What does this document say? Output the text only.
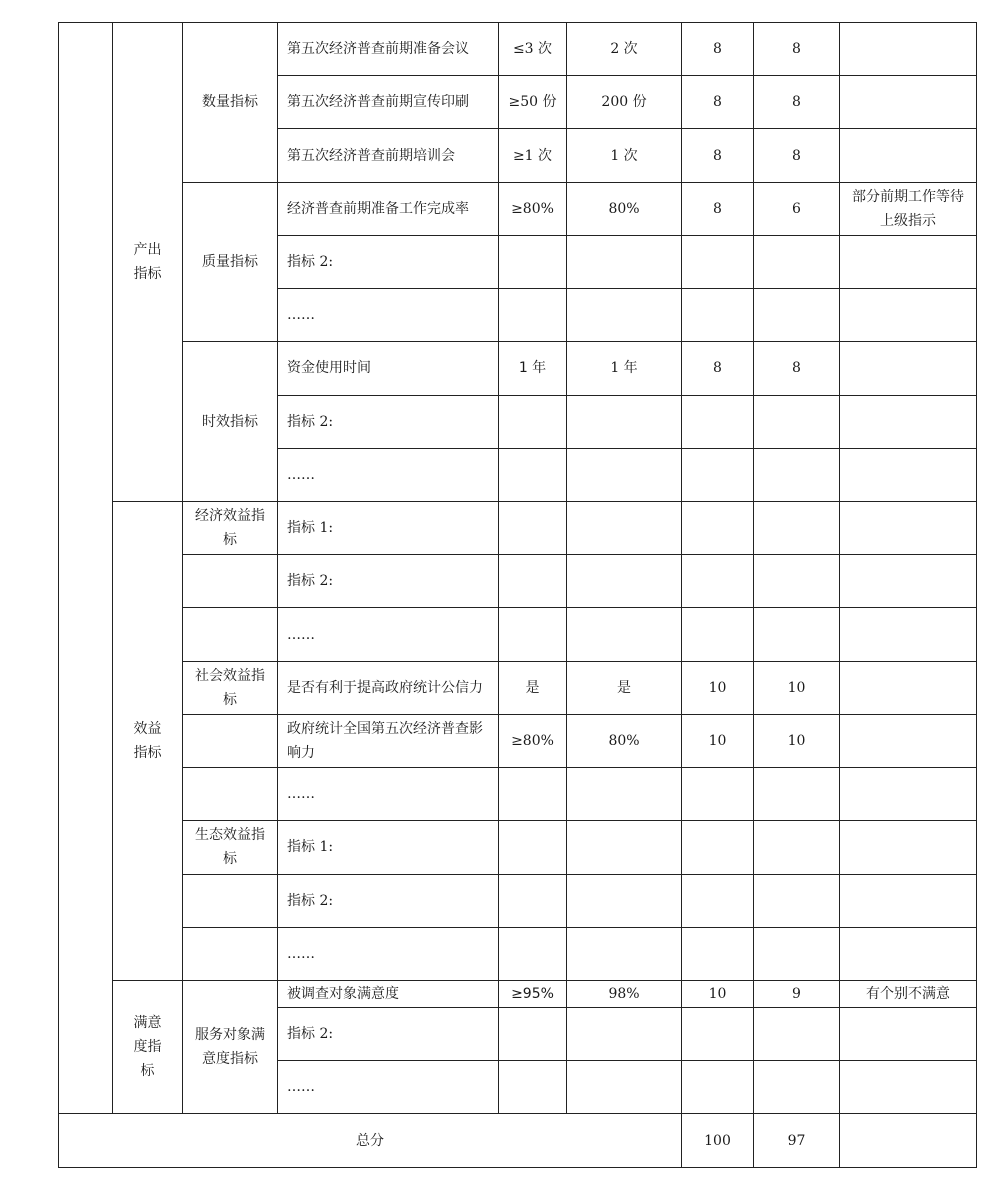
	产出指标	数量指标	第五次经济普查前期准备会议	≤3 次	2 次	8	8	
			第五次经济普查前期宣传印刷	≥50 份	200 份	8	8	
			第五次经济普查前期培训会	≥1 次	1 次	8	8	
		质量指标	经济普查前期准备工作完成率	≥80%	80%	8	6	部分前期工作等待上级指示
			指标 2:					
			……					
		时效指标	资金使用时间	1 年	1 年	8	8	
			指标 2:					
			……					
	效益指标	经济效益指标	指标 1:					
			指标 2:					
			……					
		社会效益指标	是否有利于提高政府统计公信力	是	是	10	10	
			政府统计全国第五次经济普查影响力	≥80%	80%	10	10	
			……					
		生态效益指标	指标 1:					
			指标 2:					
			……					
	满意度指标	服务对象满意度指标	被调查对象满意度	≥95%	98%	10	9	有个别不满意
			指标 2:					
			……					
总分						100	97	
